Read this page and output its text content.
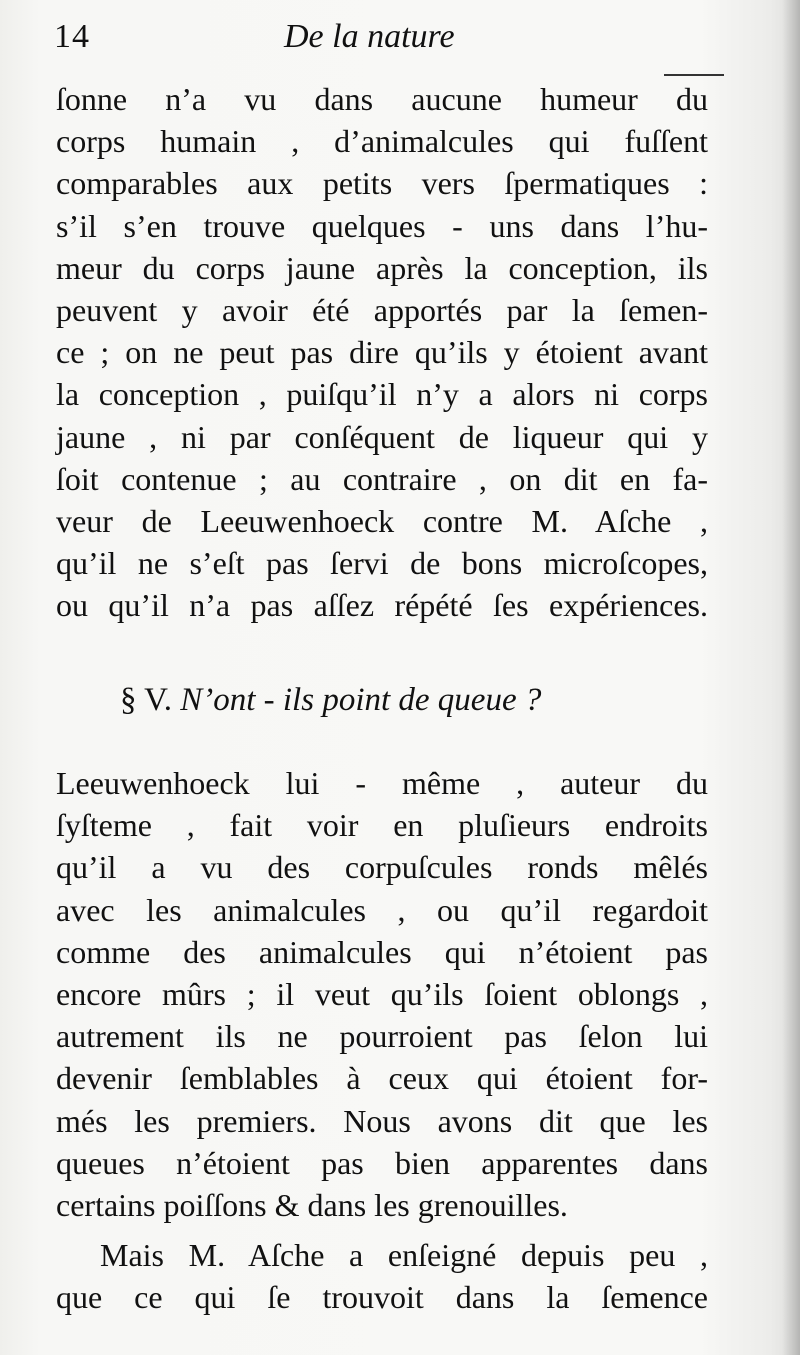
14	De la nature
ſonne n’a vu dans aucune humeur du
corps humain , d’animalcules qui fuſſent
comparables aux petits vers ſpermatiques :
s’il s’en trouve quelques - uns dans l’hu-
meur du corps jaune après la conception, ils
peuvent y avoir été apportés par la ſemen-
ce ; on ne peut pas dire qu’ils y étoient avant
la conception , puiſqu’il n’y a alors ni corps
jaune , ni par conſéquent de liqueur qui y
ſoit contenue ; au contraire , on dit en fa-
veur de Leeuwenhoeck contre M. Aſche ,
qu’il ne s’eſt pas ſervi de bons microſcopes,
ou qu’il n’a pas aſſez répété ſes expériences.
§ V. N’ont - ils point de queue ?
Leeuwenhoeck lui - même , auteur du
ſyſteme , fait voir en pluſieurs endroits
qu’il a vu des corpuſcules ronds mêlés
avec les animalcules , ou qu’il regardoit
comme des animalcules qui n’étoient pas
encore mûrs ; il veut qu’ils ſoient oblongs ,
autrement ils ne pourroient pas ſelon lui
devenir ſemblables à ceux qui étoient for-
més les premiers. Nous avons dit que les
queues n’étoient pas bien apparentes dans
certains poiſſons & dans les grenouilles.
Mais M. Aſche a enſeigné depuis peu ,
que ce qui ſe trouvoit dans la ſemence
